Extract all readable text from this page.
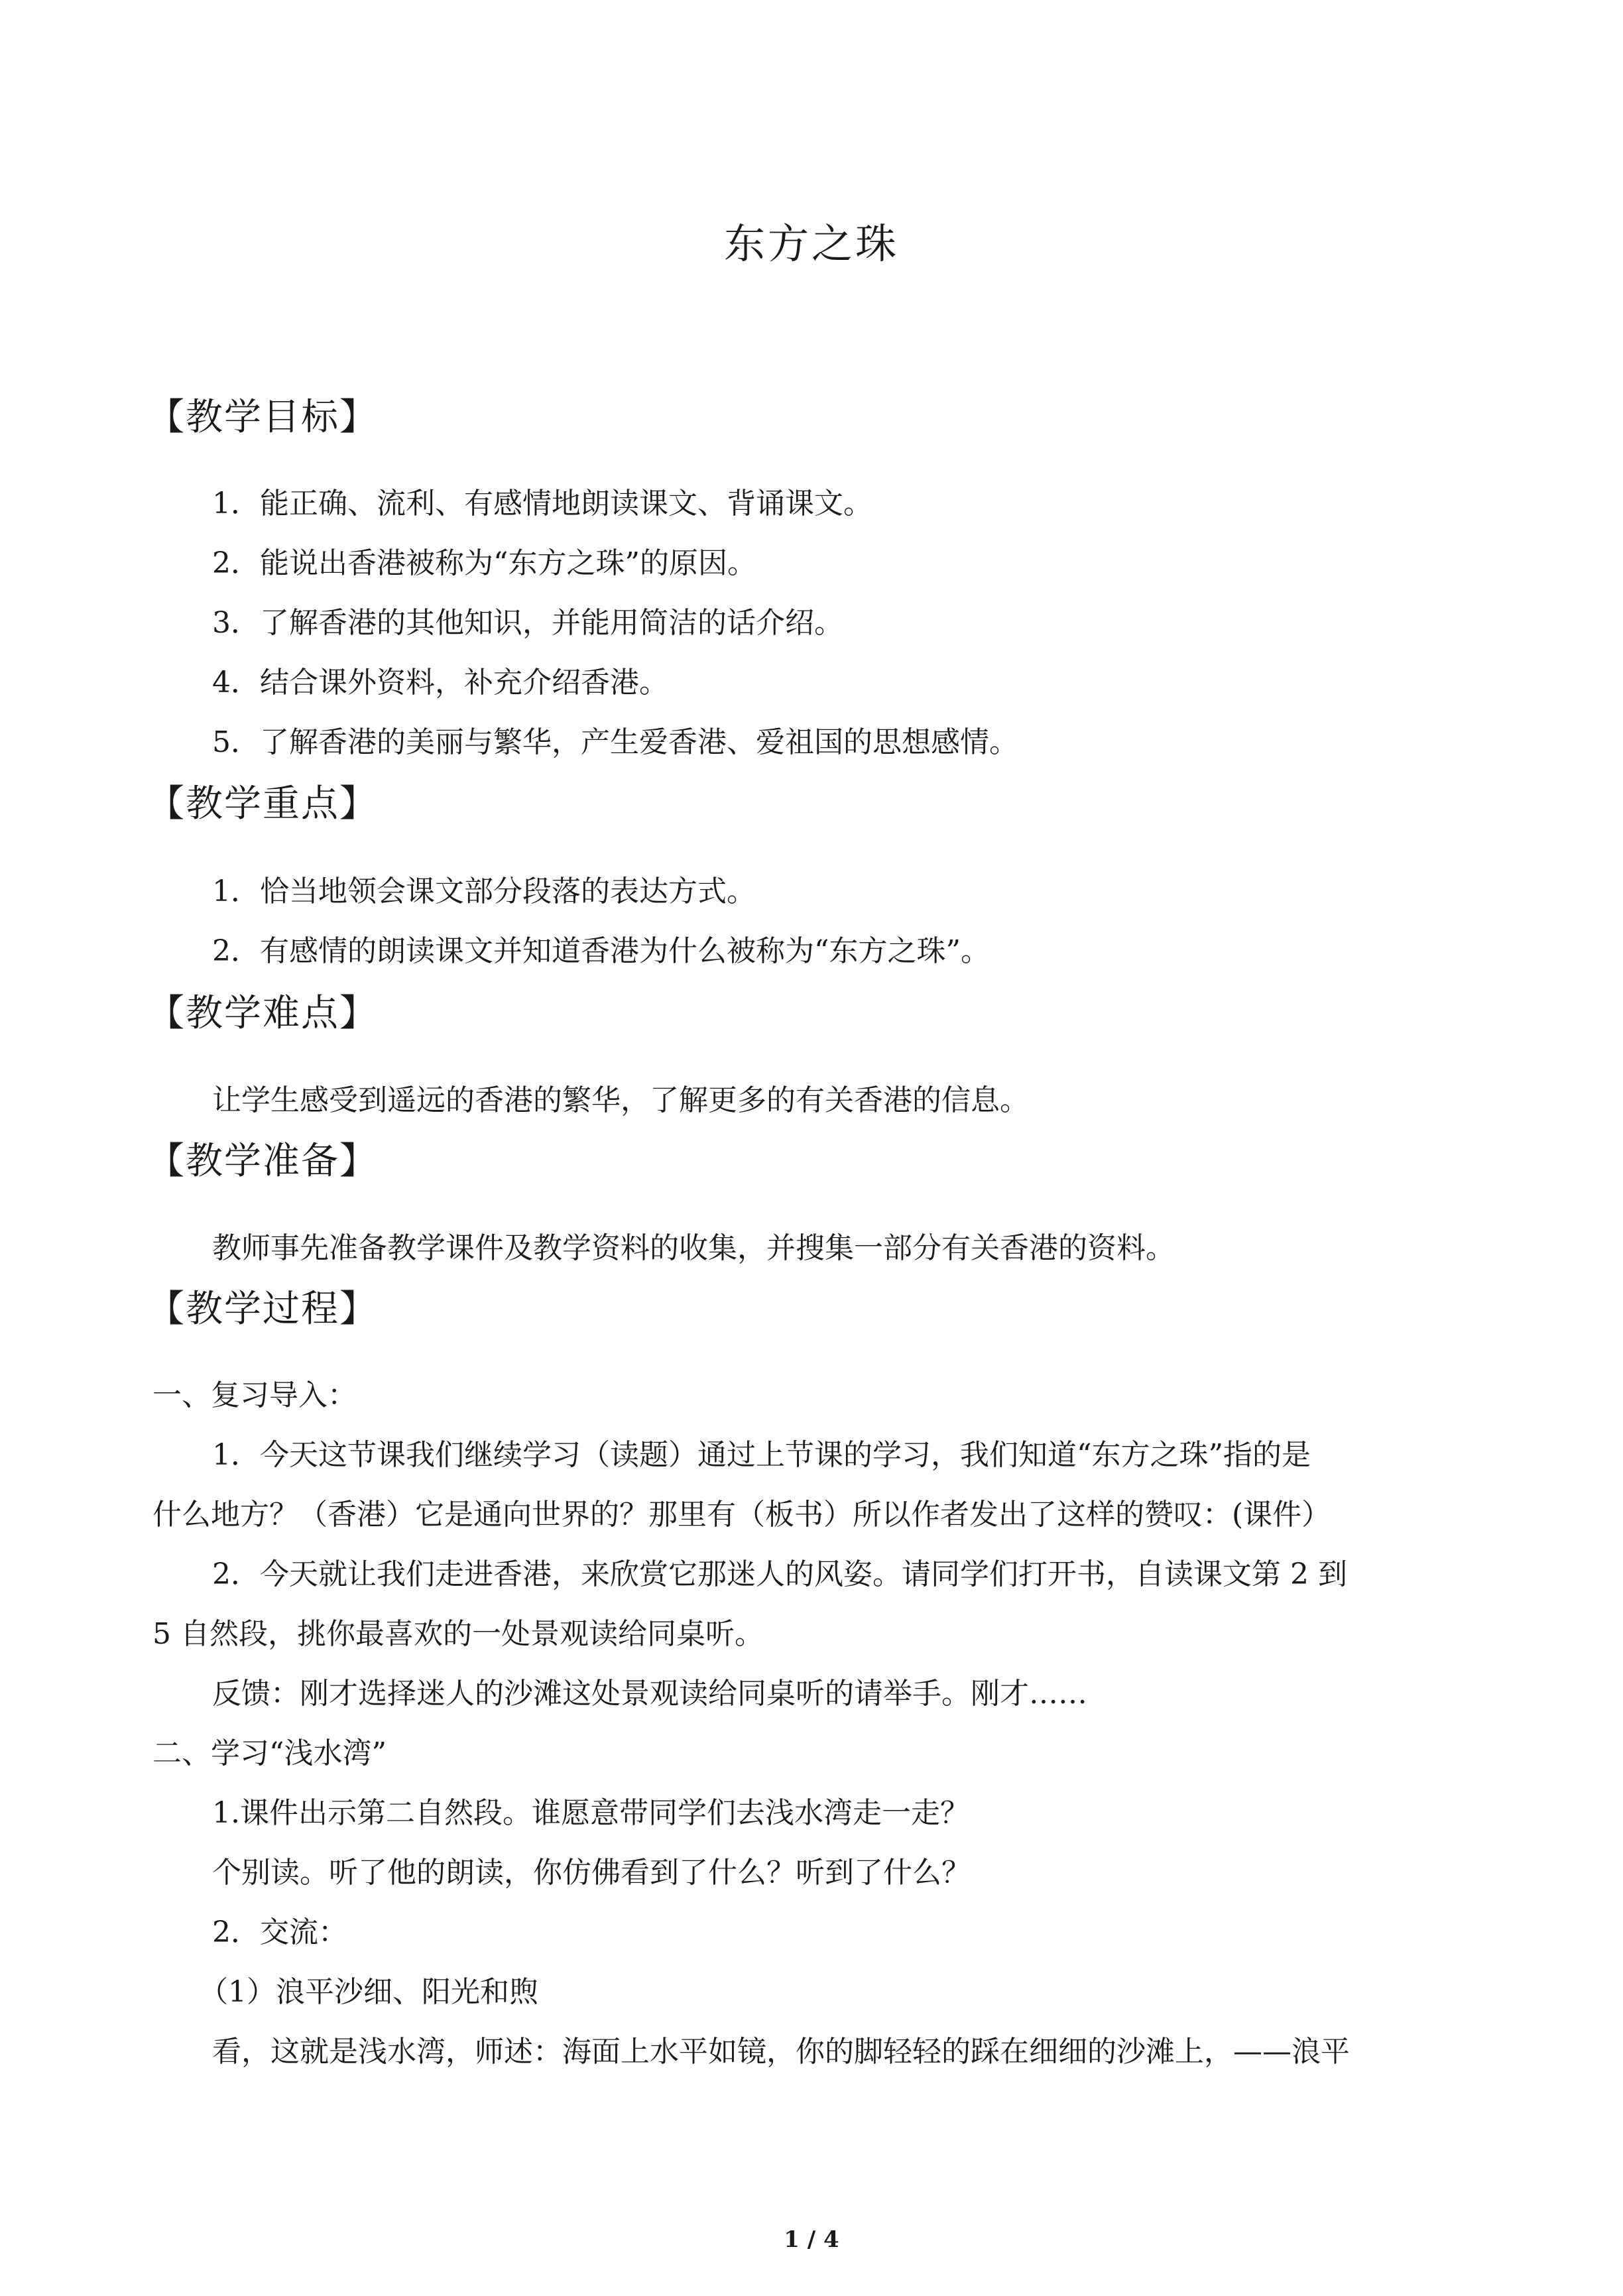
东方之珠
【教学目标】
1．能正确、流利、有感情地朗读课文、背诵课文。
2．能说出香港被称为“东方之珠”的原因。
3．了解香港的其他知识，并能用简洁的话介绍。
4．结合课外资料，补充介绍香港。
5．了解香港的美丽与繁华，产生爱香港、爱祖国的思想感情。
【教学重点】
1．恰当地领会课文部分段落的表达方式。
2．有感情的朗读课文并知道香港为什么被称为“东方之珠”。
【教学难点】
让学生感受到遥远的香港的繁华，了解更多的有关香港的信息。
【教学准备】
教师事先准备教学课件及教学资料的收集，并搜集一部分有关香港的资料。
【教学过程】
一、复习导入：
1．今天这节课我们继续学习（读题）通过上节课的学习，我们知道“东方之珠”指的是
什么地方？（香港）它是通向世界的？那里有（板书）所以作者发出了这样的赞叹：(课件）
2．今天就让我们走进香港，来欣赏它那迷人的风姿。请同学们打开书，自读课文第 2 到
5 自然段，挑你最喜欢的一处景观读给同桌听。
反馈：刚才选择迷人的沙滩这处景观读给同桌听的请举手。刚才……
二、学习“浅水湾”
1.课件出示第二自然段。谁愿意带同学们去浅水湾走一走？
个别读。听了他的朗读，你仿佛看到了什么？听到了什么？
2．交流：
（1）浪平沙细、阳光和煦
看，这就是浅水湾，师述：海面上水平如镜，你的脚轻轻的踩在细细的沙滩上，——浪平
1 / 4
